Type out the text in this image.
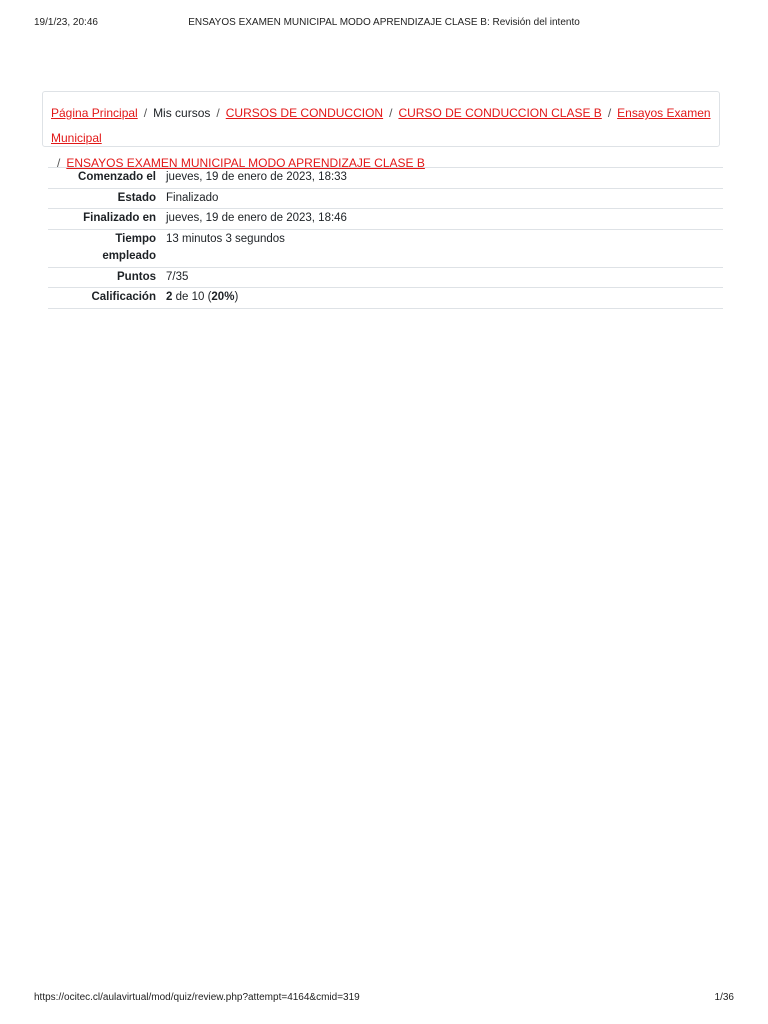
19/1/23, 20:46	ENSAYOS EXAMEN MUNICIPAL MODO APRENDIZAJE CLASE B: Revisión del intento
Página Principal / Mis cursos / CURSOS DE CONDUCCION / CURSO DE CONDUCCION CLASE B / Ensayos Examen Municipal
/ ENSAYOS EXAMEN MUNICIPAL MODO APRENDIZAJE CLASE B
Comenzado el	jueves, 19 de enero de 2023, 18:33
Estado	Finalizado
Finalizado en	jueves, 19 de enero de 2023, 18:46
Tiempo
empleado	13 minutos 3 segundos
Puntos	7/35
Calificación	2 de 10 (20%)
https://ocitec.cl/aulavirtual/mod/quiz/review.php?attempt=4164&cmid=319	1/36
